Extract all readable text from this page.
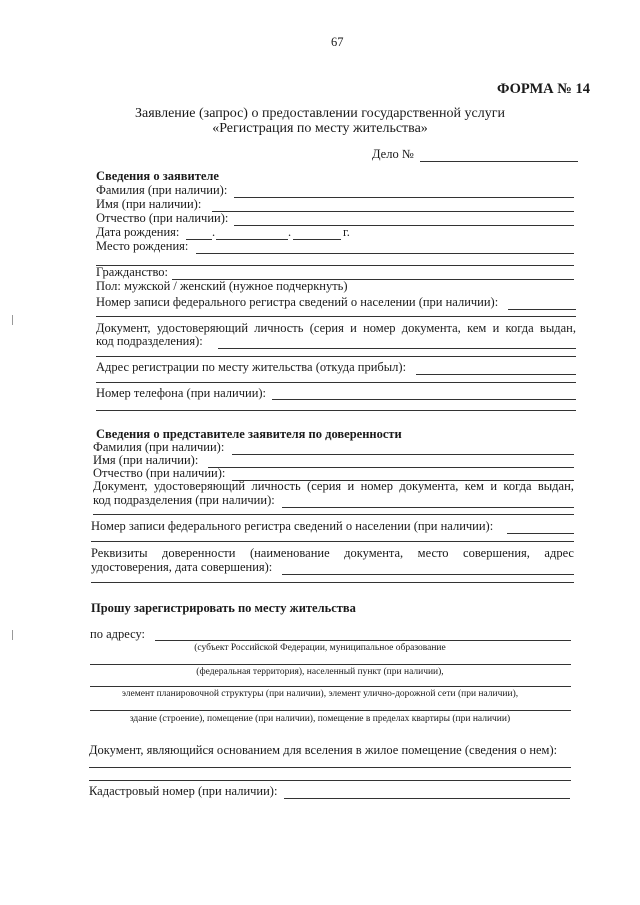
67
ФОРМА № 14
Заявление (запрос) о предоставлении государственной услуги
«Регистрация по месту жительства»
Дело №
Сведения о заявителе
Фамилия (при наличии):
Имя (при наличии):
Отчество (при наличии):
Дата рождения:	.	.	г.
Место рождения:
Гражданство:
Пол: мужской / женский (нужное подчеркнуть)
Номер записи федерального регистра сведений о населении (при наличии):
Документ, удостоверяющий личность (серия и номер документа, кем и когда выдан,
код подразделения):
Адрес регистрации по месту жительства (откуда прибыл):
Номер телефона (при наличии):
Сведения о представителе заявителя по доверенности
Фамилия (при наличии):
Имя (при наличии):
Отчество (при наличии):
Документ, удостоверяющий личность (серия и номер документа, кем и когда выдан,
код подразделения (при наличии):
Номер записи федерального регистра сведений о населении (при наличии):
Реквизиты доверенности (наименование документа, место совершения, адрес
удостоверения, дата совершения):
Прошу зарегистрировать по месту жительства
по адресу:
(субъект Российской Федерации, муниципальное образование
(федеральная территория), населенный пункт (при наличии),
элемент планировочной структуры (при наличии), элемент улично-дорожной сети (при наличии),
здание (строение), помещение (при наличии), помещение в пределах квартиры (при наличии)
Документ, являющийся основанием для вселения в жилое помещение (сведения о нем):
Кадастровый номер (при наличии):
